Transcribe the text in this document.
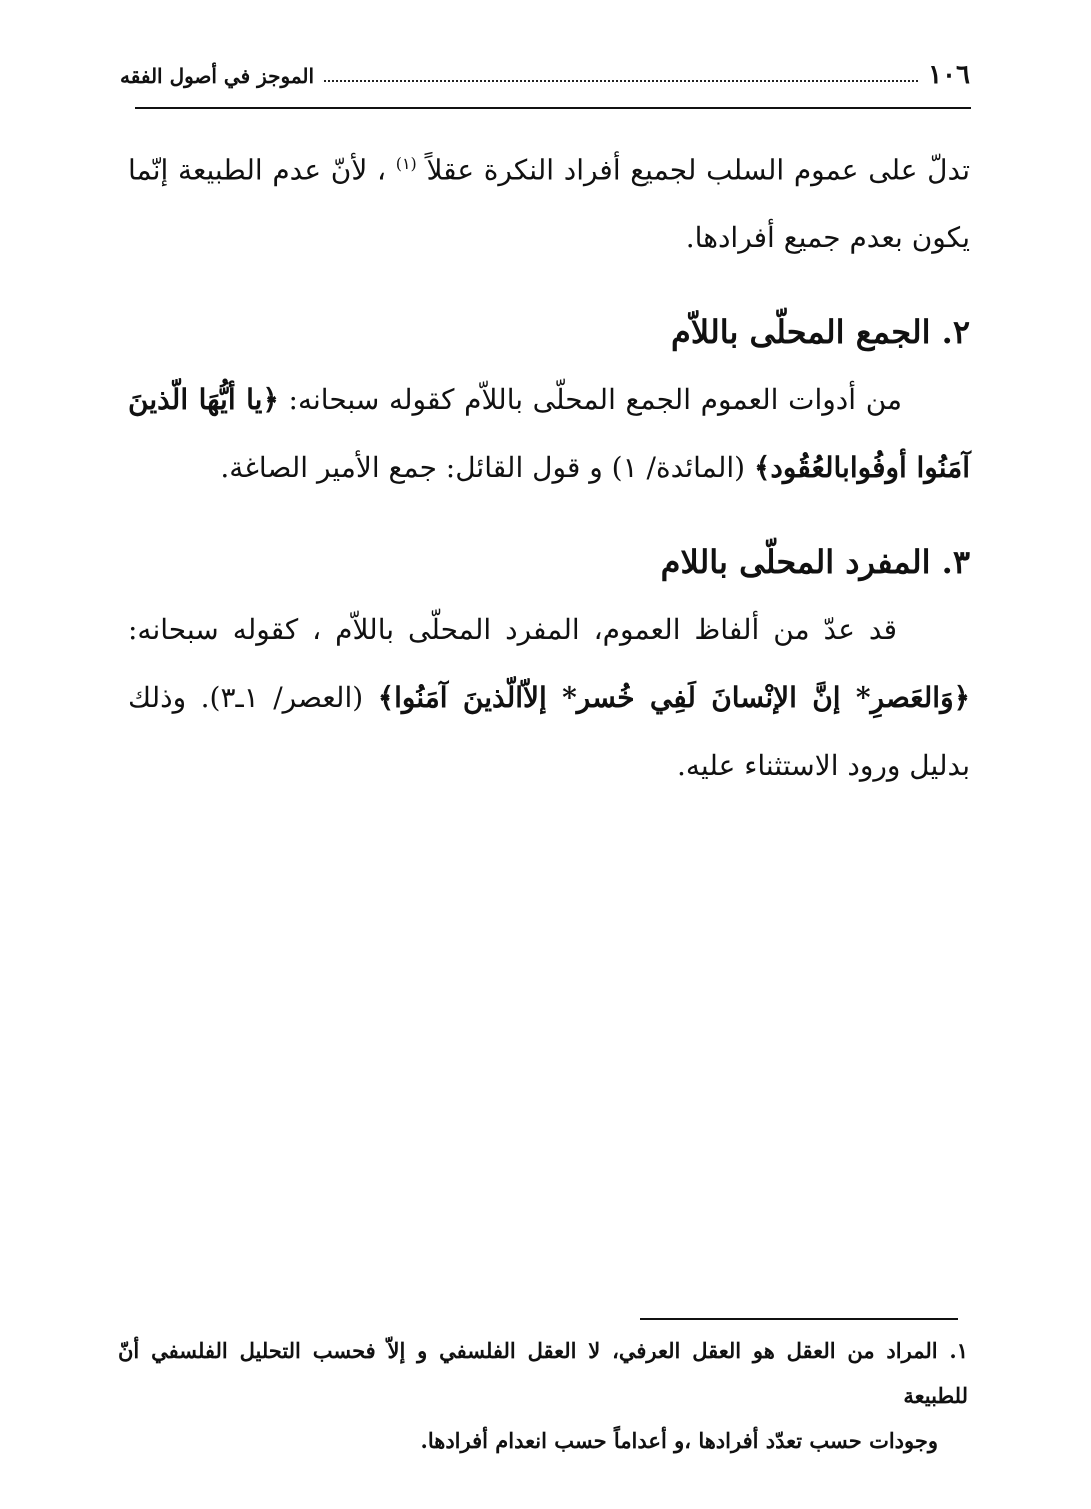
١٠٦
الموجز في أصول الفقه

تدلّ على عموم السلب لجميع أفراد النكرة عقلاً $^{(١)}$ ، لأنّ عدم الطبيعة إنّما يكون بعدم جميع أفرادها.

٢. الجمع المحلّى باللاّم

من أدوات العموم الجمع المحلّى باللاّم كقوله سبحانه: ﴿يا أيُّهَا الّذينَ آمَنُوا أوفُوابالعُقُود﴾ (المائدة/ ١) و قول القائل: جمع الأمير الصاغة.

٣. المفرد المحلّى باللام

قد عدّ من ألفاظ العموم، المفرد المحلّى باللاّم ، كقوله سبحانه: ﴿وَالعَصرِ* إنَّ الإنْسانَ لَفِي خُسر* إلاّالّذينَ آمَنُوا﴾ (العصر/ ١ـ٣). وذلك بدليل ورود الاستثناء عليه.

١. المراد من العقل هو العقل العرفي، لا العقل الفلسفي و إلاّ فحسب التحليل الفلسفي أنّ للطبيعة
وجودات حسب تعدّد أفرادها ،و أعداماً حسب انعدام أفرادها.
